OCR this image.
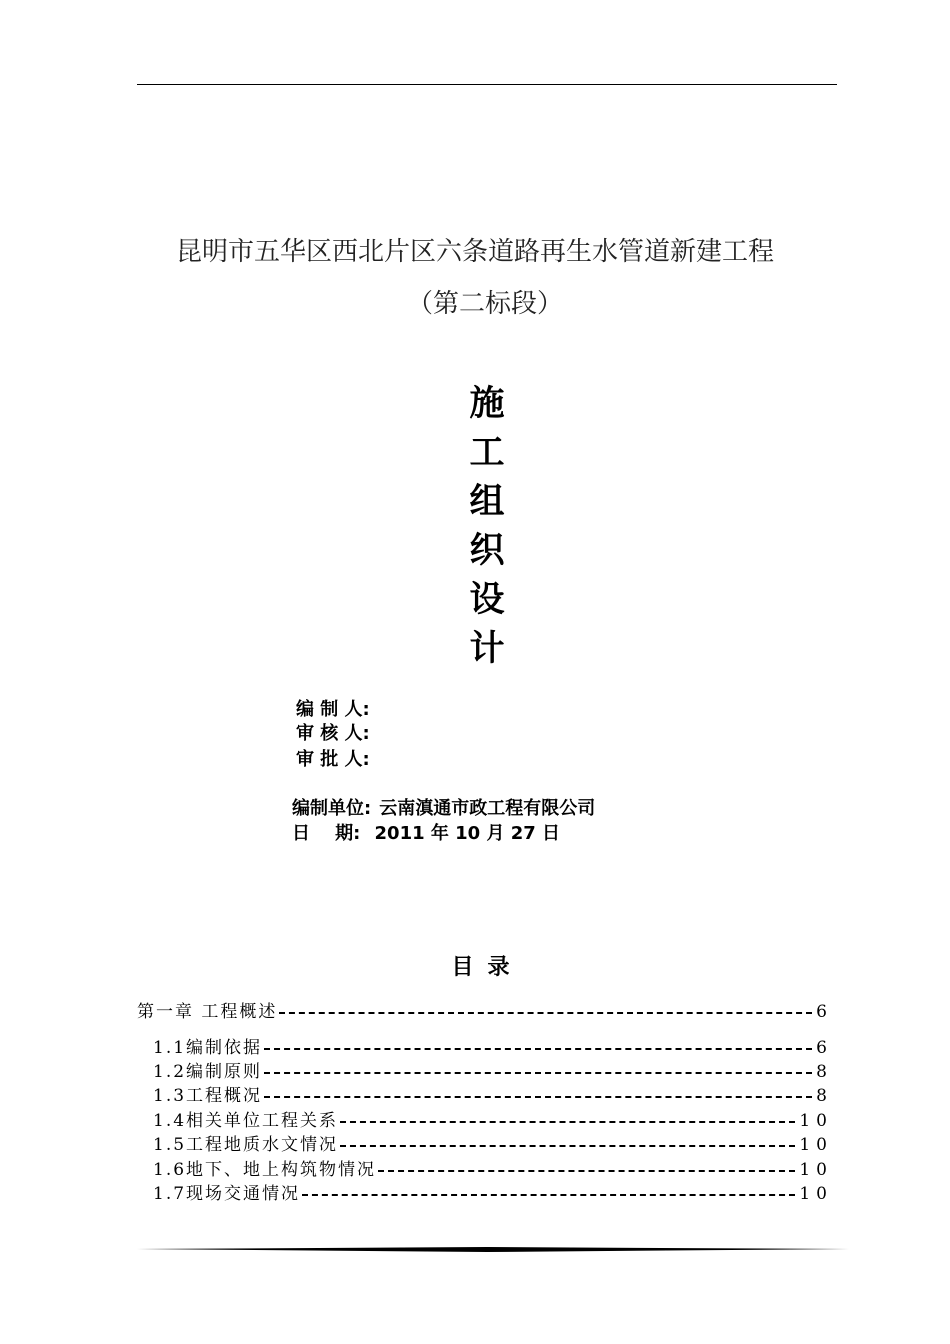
昆明市五华区西北片区六条道路再生水管道新建工程
（第二标段）
施
工
组
织
设
计
编 制 人:
审 核 人:
审 批 人:
编制单位: 云南滇通市政工程有限公司
日    期: 2011 年 10 月 27 日
目录
第一章 工程概述	6
1.1编制依据	6
1.2编制原则	8
1.3工程概况	8
1.4相关单位工程关系	10
1.5工程地质水文情况	10
1.6地下、地上构筑物情况	10
1.7现场交通情况	10
